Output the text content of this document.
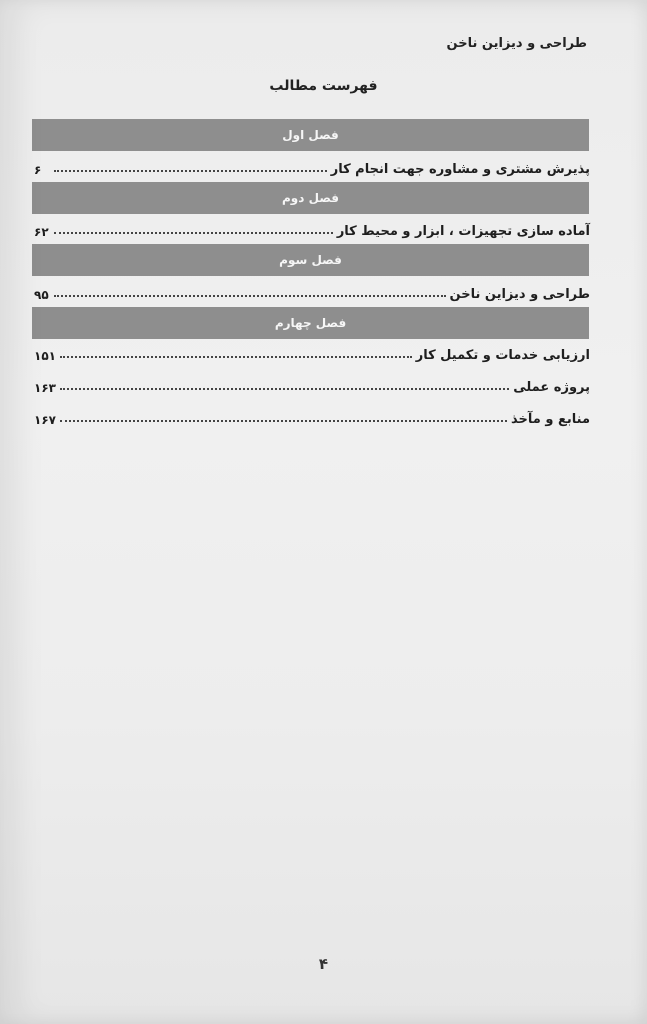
طراحی و دیزاین ناخن
فهرست مطالب
فصل اول
پذیرش مشتری و مشاوره جهت انجام کار
۶
فصل دوم
آماده سازی تجهیزات ، ابزار و محیط کار
۶۲
فصل سوم
طراحی و دیزاین ناخن
۹۵
فصل چهارم
ارزیابی خدمات و تکمیل کار
۱۵۱
پروژه عملی
۱۶۳
منابع و مآخذ
۱۶۷
۴
